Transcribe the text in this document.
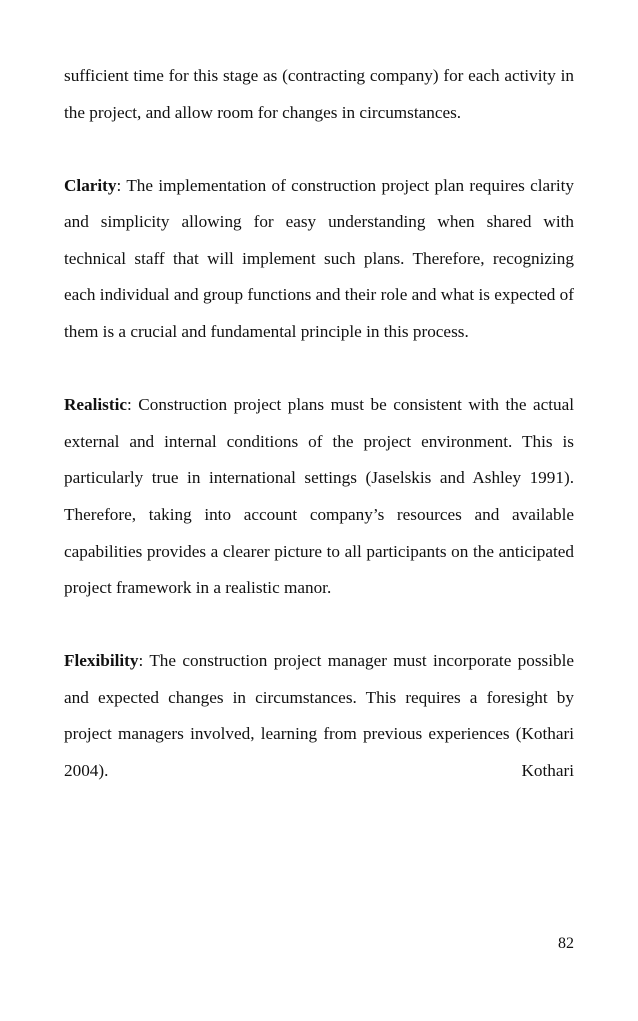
sufficient time for this stage as (contracting company) for each activity in the project, and allow room for changes in circumstances.

Clarity: The implementation of construction project plan requires clarity and simplicity allowing for easy understanding when shared with technical staff that will implement such plans. Therefore, recognizing each individual and group functions and their role and what is expected of them is a crucial and fundamental principle in this process.

Realistic: Construction project plans must be consistent with the actual external and internal conditions of the project environment. This is particularly true in international settings (Jaselskis and Ashley 1991). Therefore, taking into account company’s resources and available capabilities provides a clearer picture to all participants on the anticipated project framework in a realistic manor.

Flexibility: The construction project manager must incorporate possible and expected changes in circumstances. This requires a foresight by project managers involved, learning from previous experiences (Kothari 2004). Kothari

82
